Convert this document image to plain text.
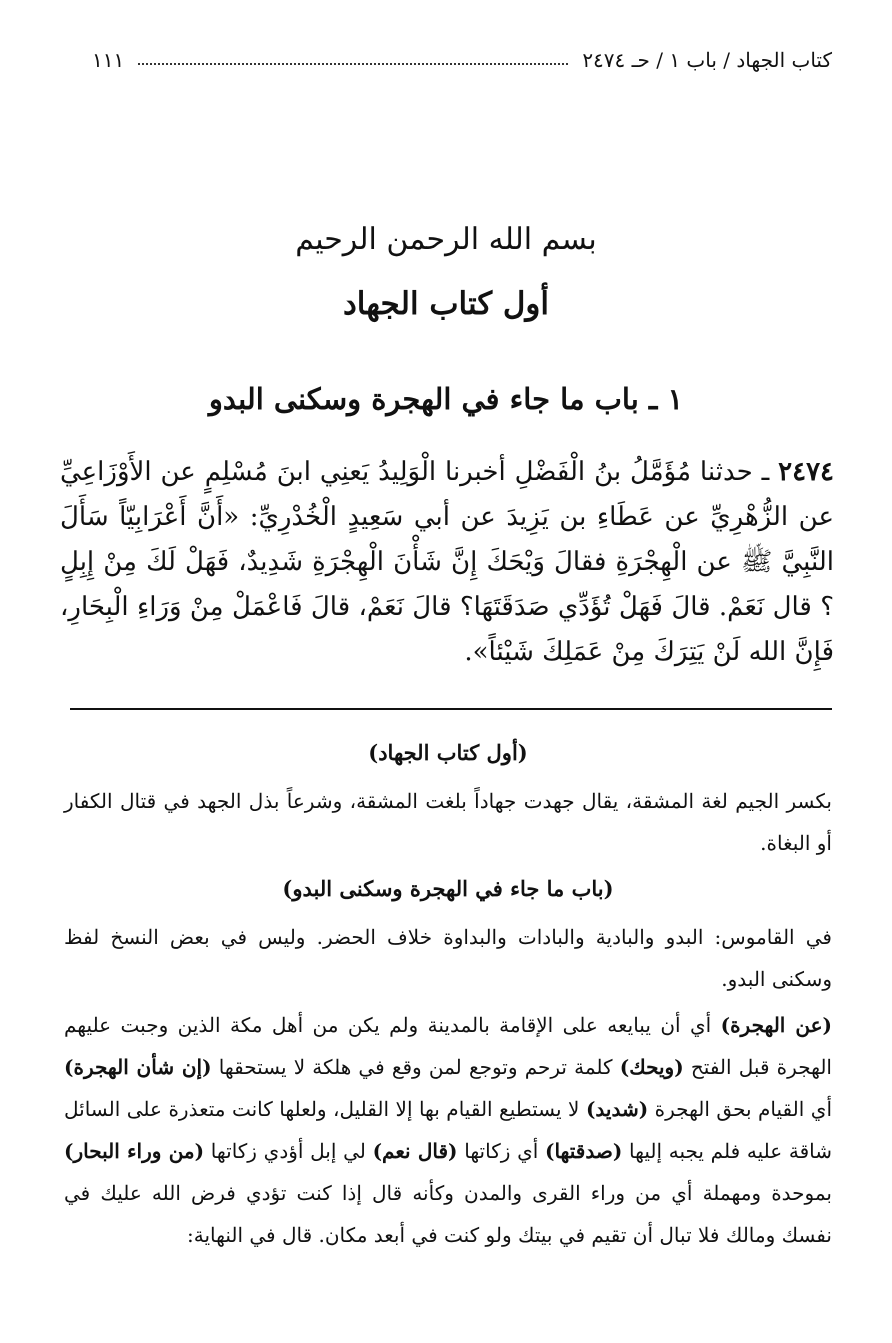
كتاب الجهاد / باب ١ / حـ ٢٤٧٤
١١١
بسم الله الرحمن الرحيم
أول كتاب الجهاد
١ ـ باب ما جاء في الهجرة وسكنى البدو
٢٤٧٤ ـ حدثنا مُؤَمَّلُ بنُ الْفَضْلِ أخبرنا الْوَلِيدُ يَعنِي ابنَ مُسْلِمٍ عن الأَوْزَاعِيِّ عن الزُّهْرِيِّ عن عَطَاءِ بن يَزِيدَ عن أبي سَعِيدٍ الْخُدْرِيِّ: «أَنَّ أَعْرَابِيّاً سَأَلَ النَّبِيَّ ﷺ عن الْهِجْرَةِ فقالَ وَيْحَكَ إِنَّ شَأْنَ الْهِجْرَةِ شَدِيدٌ، فَهَلْ لَكَ مِنْ إِبِلٍ ؟ قال نَعَمْ. قالَ فَهَلْ تُؤَدِّي صَدَقَتَهَا؟ قالَ نَعَمْ، قالَ فَاعْمَلْ مِنْ وَرَاءِ الْبِحَارِ، فَإِنَّ الله لَنْ يَتِرَكَ مِنْ عَمَلِكَ شَيْئاً».
(أول كتاب الجهاد)

بكسر الجيم لغة المشقة، يقال جهدت جهاداً بلغت المشقة، وشرعاً بذل الجهد في قتال الكفار أو البغاة.

(باب ما جاء في الهجرة وسكنى البدو)

في القاموس: البدو والبادية والبادات والبداوة خلاف الحضر. وليس في بعض النسخ لفظ وسكنى البدو.

(عن الهجرة) أي أن يبايعه على الإقامة بالمدينة ولم يكن من أهل مكة الذين وجبت عليهم الهجرة قبل الفتح (ويحك) كلمة ترحم وتوجع لمن وقع في هلكة لا يستحقها (إن شأن الهجرة) أي القيام بحق الهجرة (شديد) لا يستطيع القيام بها إلا القليل، ولعلها كانت متعذرة على السائل شاقة عليه فلم يجبه إليها (صدقتها) أي زكاتها (قال نعم) لي إبل أؤدي زكاتها (من وراء البحار) بموحدة ومهملة أي من وراء القرى والمدن وكأنه قال إذا كنت تؤدي فرض الله عليك في نفسك ومالك فلا تبال أن تقيم في بيتك ولو كنت في أبعد مكان. قال في النهاية:
